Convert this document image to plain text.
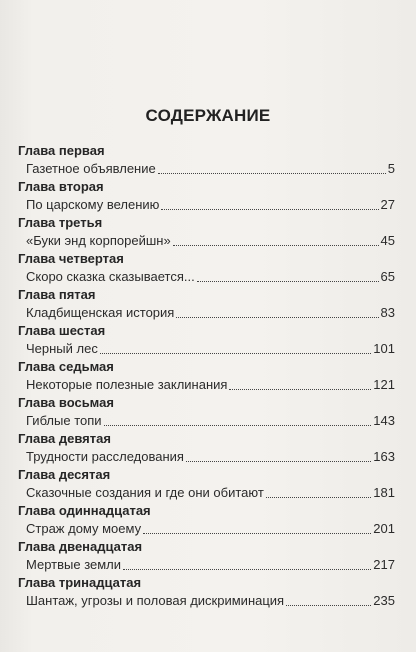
СОДЕРЖАНИЕ
Глава первая
Газетное объявление	5
Глава вторая
По царскому велению	27
Глава третья
«Буки энд корпорейшн»	45
Глава четвертая
Скоро сказка сказывается...	65
Глава пятая
Кладбищенская история	83
Глава шестая
Черный лес	101
Глава седьмая
Некоторые полезные заклинания	121
Глава восьмая
Гиблые топи	143
Глава девятая
Трудности расследования	163
Глава десятая
Сказочные создания и где они обитают	181
Глава одиннадцатая
Страж дому моему	201
Глава двенадцатая
Мертвые земли	217
Глава тринадцатая
Шантаж, угрозы и половая дискриминация	235
